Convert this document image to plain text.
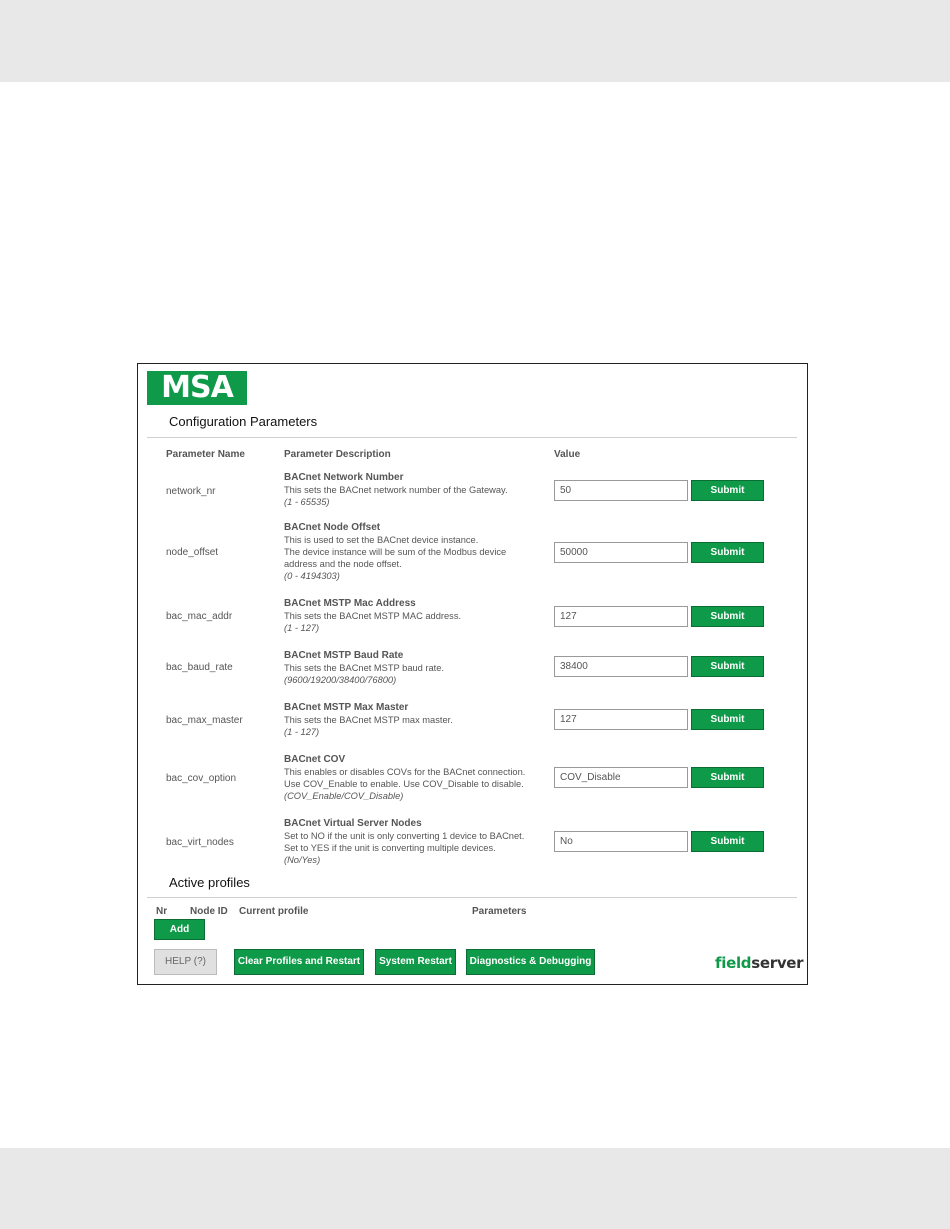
MSA
Configuration Parameters
Parameter Name	Parameter Description	Value
network_nr
BACnet Network Number
This sets the BACnet network number of the Gateway.
(1 - 65535)
50	Submit
node_offset
BACnet Node Offset
This is used to set the BACnet device instance.
The device instance will be sum of the Modbus device
address and the node offset.
(0 - 4194303)
50000	Submit
bac_mac_addr
BACnet MSTP Mac Address
This sets the BACnet MSTP MAC address.
(1 - 127)
127	Submit
bac_baud_rate
BACnet MSTP Baud Rate
This sets the BACnet MSTP baud rate.
(9600/19200/38400/76800)
38400	Submit
bac_max_master
BACnet MSTP Max Master
This sets the BACnet MSTP max master.
(1 - 127)
127	Submit
bac_cov_option
BACnet COV
This enables or disables COVs for the BACnet connection.
Use COV_Enable to enable. Use COV_Disable to disable.
(COV_Enable/COV_Disable)
COV_Disable	Submit
bac_virt_nodes
BACnet Virtual Server Nodes
Set to NO if the unit is only converting 1 device to BACnet.
Set to YES if the unit is converting multiple devices.
(No/Yes)
No	Submit
Active profiles
Nr Node ID Current profile	Parameters
Add
HELP (?)	Clear Profiles and Restart	System Restart	Diagnostics & Debugging	fieldserver
